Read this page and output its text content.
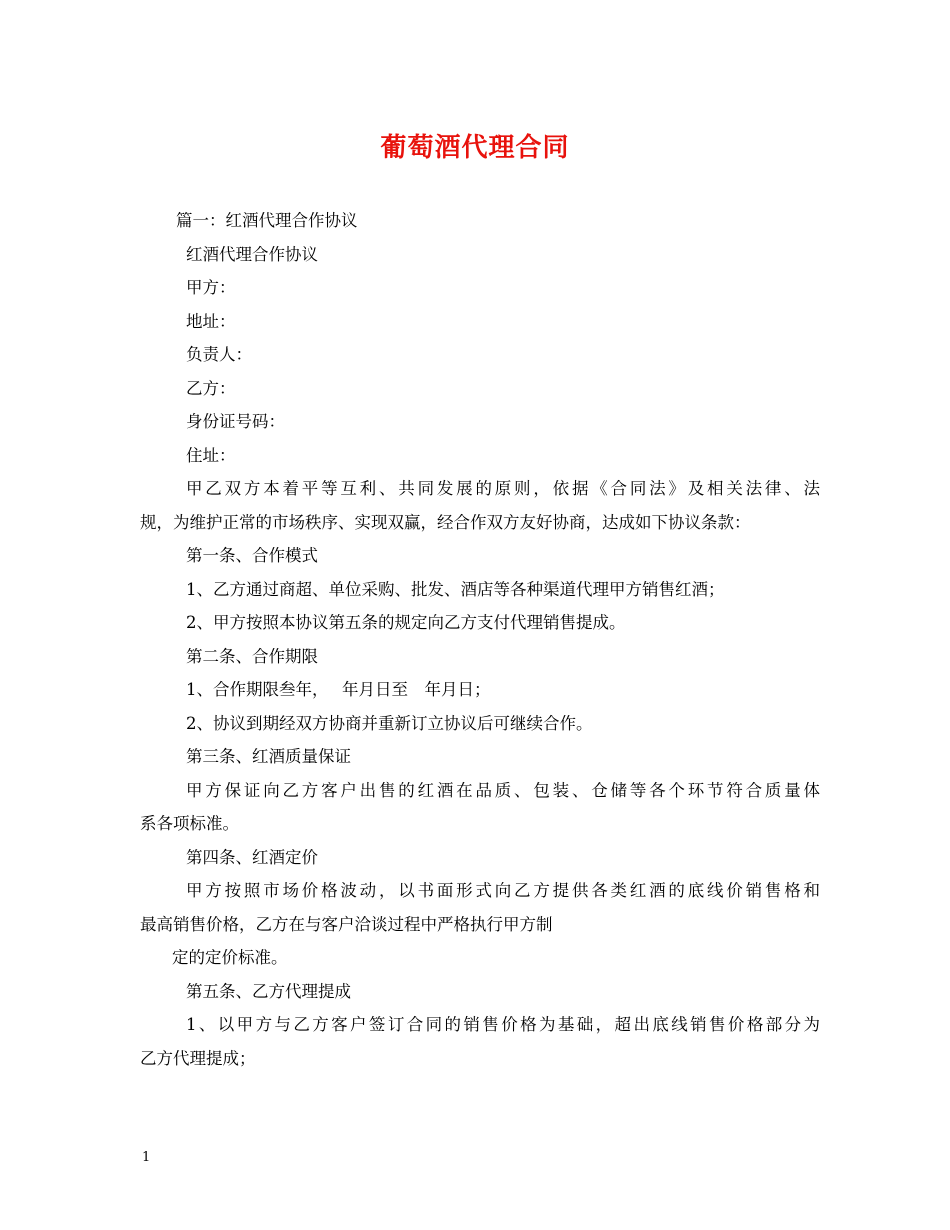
葡萄酒代理合同

篇一：红酒代理合作协议

红酒代理合作协议

甲方：

地址：

负责人：

乙方：

身份证号码：

住址：

甲乙双方本着平等互利、共同发展的原则，依据《合同法》及相关法律、法

规，为维护正常的市场秩序、实现双赢，经合作双方友好协商，达成如下协议条款：

第一条、合作模式

1、乙方通过商超、单位采购、批发、酒店等各种渠道代理甲方销售红酒；

2、甲方按照本协议第五条的规定向乙方支付代理销售提成。

第二条、合作期限

1、合作期限叁年，　 年月日至　年月日；

2、协议到期经双方协商并重新订立协议后可继续合作。

第三条、红酒质量保证

甲方保证向乙方客户出售的红酒在品质、包装、仓储等各个环节符合质量体

系各项标准。

第四条、红酒定价

甲方按照市场价格波动，以书面形式向乙方提供各类红酒的底线价销售格和

最高销售价格，乙方在与客户洽谈过程中严格执行甲方制

定的定价标准。

第五条、乙方代理提成

1、以甲方与乙方客户签订合同的销售价格为基础，超出底线销售价格部分为

乙方代理提成；

1
